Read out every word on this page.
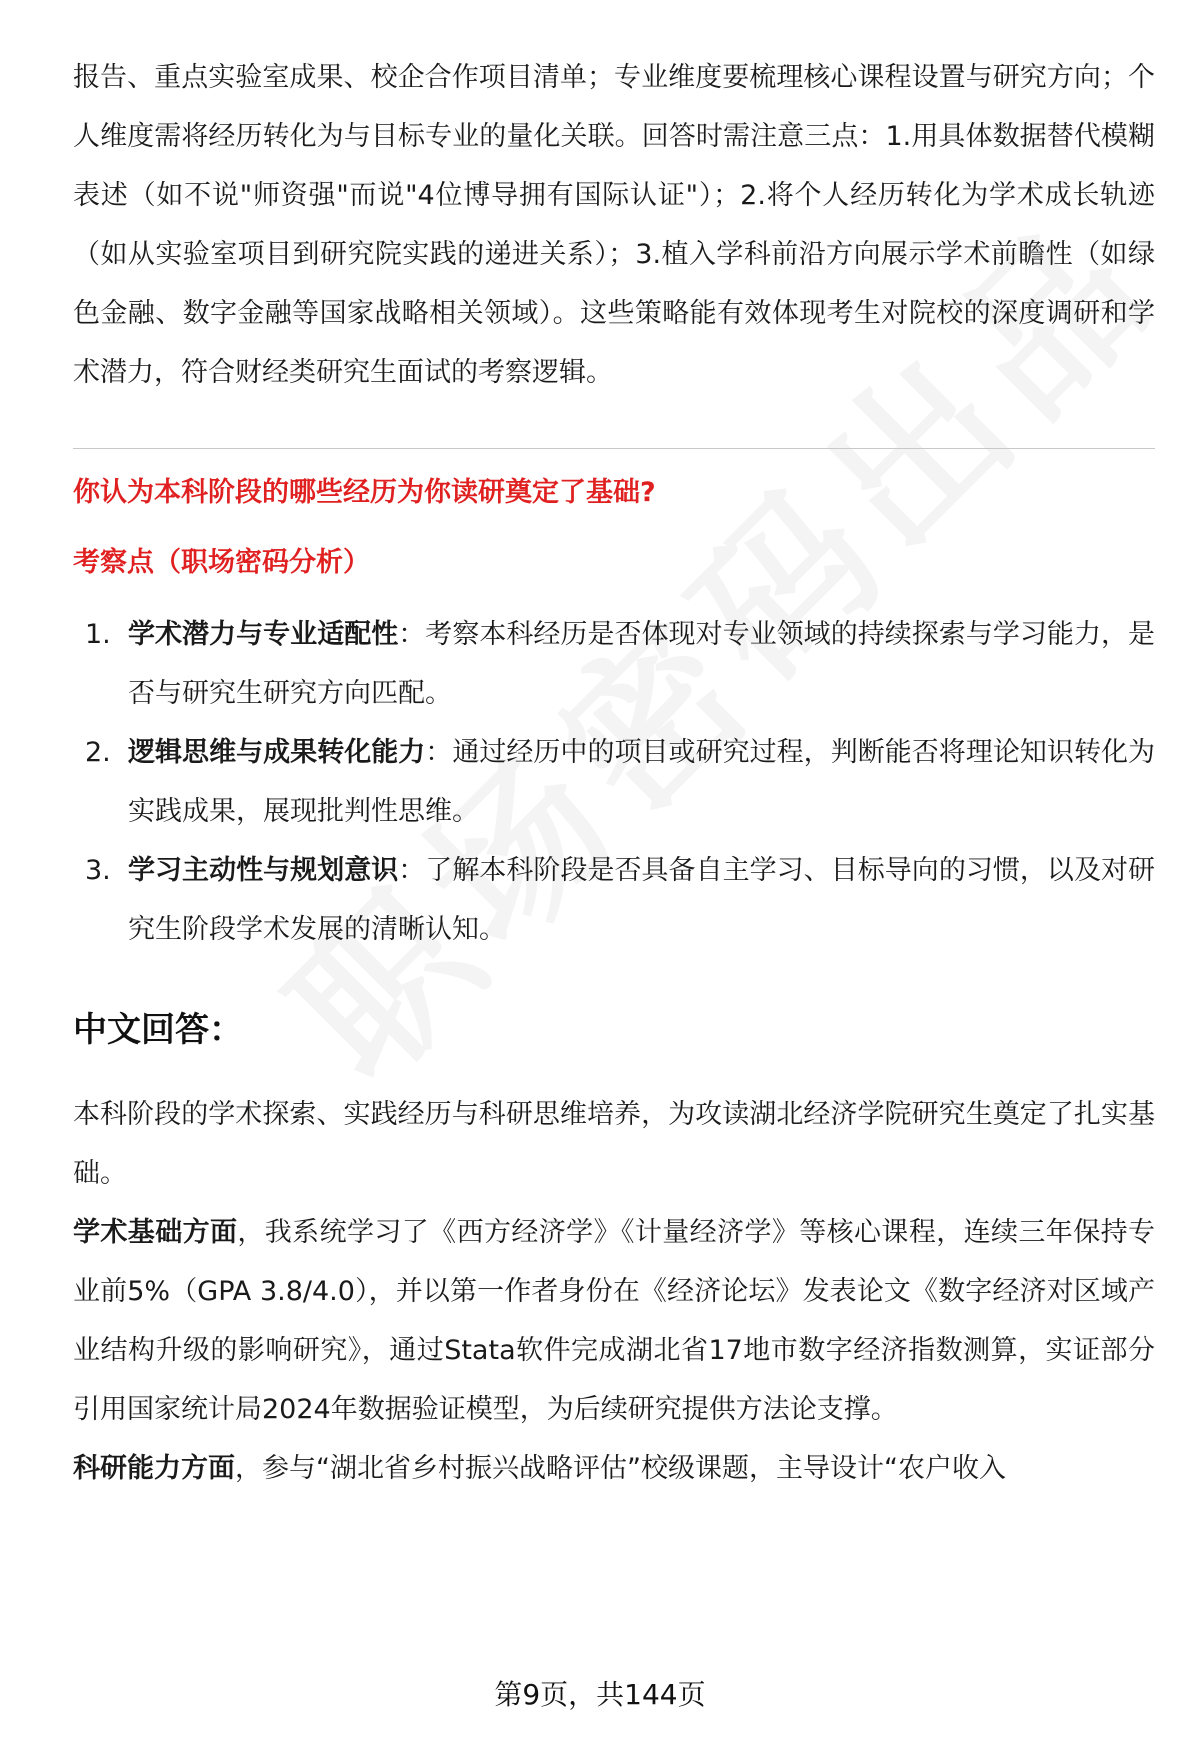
报告、重点实验室成果、校企合作项目清单；专业维度要梳理核心课程设置与研究方向；个人维度需将经历转化为与目标专业的量化关联。回答时需注意三点：1.用具体数据替代模糊表述（如不说"师资强"而说"4位博导拥有国际认证"）；2.将个人经历转化为学术成长轨迹（如从实验室项目到研究院实践的递进关系）；3.植入学科前沿方向展示学术前瞻性（如绿色金融、数字金融等国家战略相关领域）。这些策略能有效体现考生对院校的深度调研和学术潜力，符合财经类研究生面试的考察逻辑。

你认为本科阶段的哪些经历为你读研奠定了基础?

考察点（职场密码分析）

1. 学术潜力与专业适配性：考察本科经历是否体现对专业领域的持续探索与学习能力，是否与研究生研究方向匹配。
2. 逻辑思维与成果转化能力：通过经历中的项目或研究过程，判断能否将理论知识转化为实践成果，展现批判性思维。
3. 学习主动性与规划意识：了解本科阶段是否具备自主学习、目标导向的习惯，以及对研究生阶段学术发展的清晰认知。
中文回答：

本科阶段的学术探索、实践经历与科研思维培养，为攻读湖北经济学院研究生奠定了扎实基础。

学术基础方面，我系统学习了《西方经济学》《计量经济学》等核心课程，连续三年保持专业前5%（GPA 3.8/4.0），并以第一作者身份在《经济论坛》发表论文《数字经济对区域产业结构升级的影响研究》，通过Stata软件完成湖北省17地市数字经济指数测算，实证部分引用国家统计局2024年数据验证模型，为后续研究提供方法论支撑。

科研能力方面，参与“湖北省乡村振兴战略评估”校级课题，主导设计“农户收入

第9页，共144页
